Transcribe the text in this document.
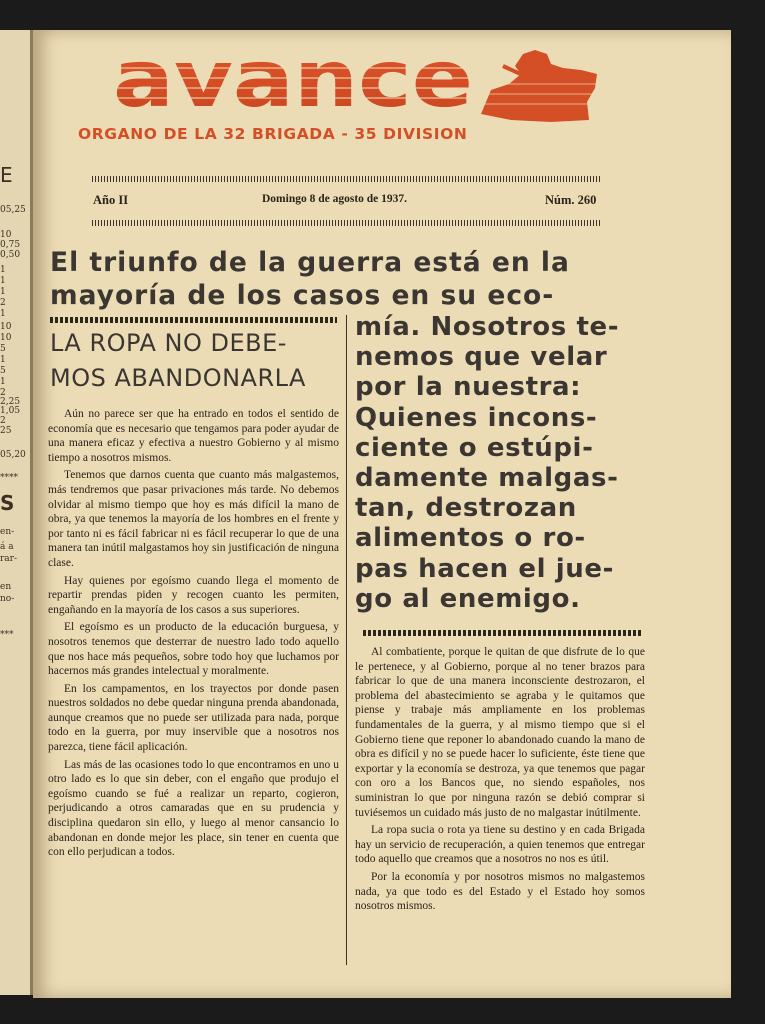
E
05,25
10
0,75
0,50
1
1
1
2
1
10
10
5
1
5
1
2
2,25
1,05
2
25
05,20
****
S
en-
á a
rar-
en
no-
***
avance
ORGANO DE LA 32 BRIGADA - 35 DIVISION
Año II	Domingo 8 de agosto de 1937.	Núm. 260
El triunfo de la guerra está en la
mayoría de los casos en su eco-
LA ROPA NO DEBE-
MOS ABANDONARLA

Aún no parece ser que ha entrado en todos el sentido de economía que es necesario que tengamos para poder ayudar de una manera eficaz y efectiva a nuestro Gobierno y al mismo tiempo a nosotros mismos.

Tenemos que darnos cuenta que cuanto más malgastemos, más tendremos que pasar privaciones más tarde. No debemos olvidar al mismo tiempo que hoy es más difícil la mano de obra, ya que tenemos la mayoría de los hombres en el frente y por tanto ni es fácil fabricar ni es fácil recuperar lo que de una manera tan inútil malgastamos hoy sin justificación de ninguna clase.

Hay quienes por egoísmo cuando llega el momento de repartir prendas piden y recogen cuanto les permiten, engañando en la mayoría de los casos a sus superiores.

El egoísmo es un producto de la educación burguesa, y nosotros tenemos que desterrar de nuestro lado todo aquello que nos hace más pequeños, sobre todo hoy que luchamos por hacernos más grandes intelectual y moralmente.

En los campamentos, en los trayectos por donde pasen nuestros soldados no debe quedar ninguna prenda abandonada, aunque creamos que no puede ser utilizada para nada, porque todo en la guerra, por muy inservible que a nosotros nos parezca, tiene fácil aplicación.

Las más de las ocasiones todo lo que encontramos en uno u otro lado es lo que sin deber, con el engaño que produjo el egoísmo cuando se fué a realizar un reparto, cogieron, perjudicando a otros camaradas que en su prudencia y disciplina quedaron sin ello, y luego al menor cansancio lo abandonan en donde mejor les place, sin tener en cuenta que con ello perjudican a todos.

mía. Nosotros te-
nemos que velar
por la nuestra:
Quienes incons-
ciente o estúpi-
damente malgas-
tan, destrozan
alimentos o ro-
pas hacen el jue-
go al enemigo.

Al combatiente, porque le quitan de que disfrute de lo que le pertenece, y al Gobierno, porque al no tener brazos para fabricar lo que de una manera inconsciente destrozaron, el problema del abastecimiento se agraba y le quitamos que piense y trabaje más ampliamente en los problemas fundamentales de la guerra, y al mismo tiempo que si el Gobierno tiene que reponer lo abandonado cuando la mano de obra es difícil y no se puede hacer lo suficiente, éste tiene que exportar y la economía se destroza, ya que tenemos que pagar con oro a los Bancos que, no siendo españoles, nos suministran lo que por ninguna razón se debió comprar si tuviésemos un cuidado más justo de no malgastar inútilmente.

La ropa sucia o rota ya tiene su destino y en cada Brigada hay un servicio de recuperación, a quien tenemos que entregar todo aquello que creamos que a nosotros no nos es útil.

Por la economía y por nosotros mismos no malgastemos nada, ya que todo es del Estado y el Estado hoy somos nosotros mismos.
